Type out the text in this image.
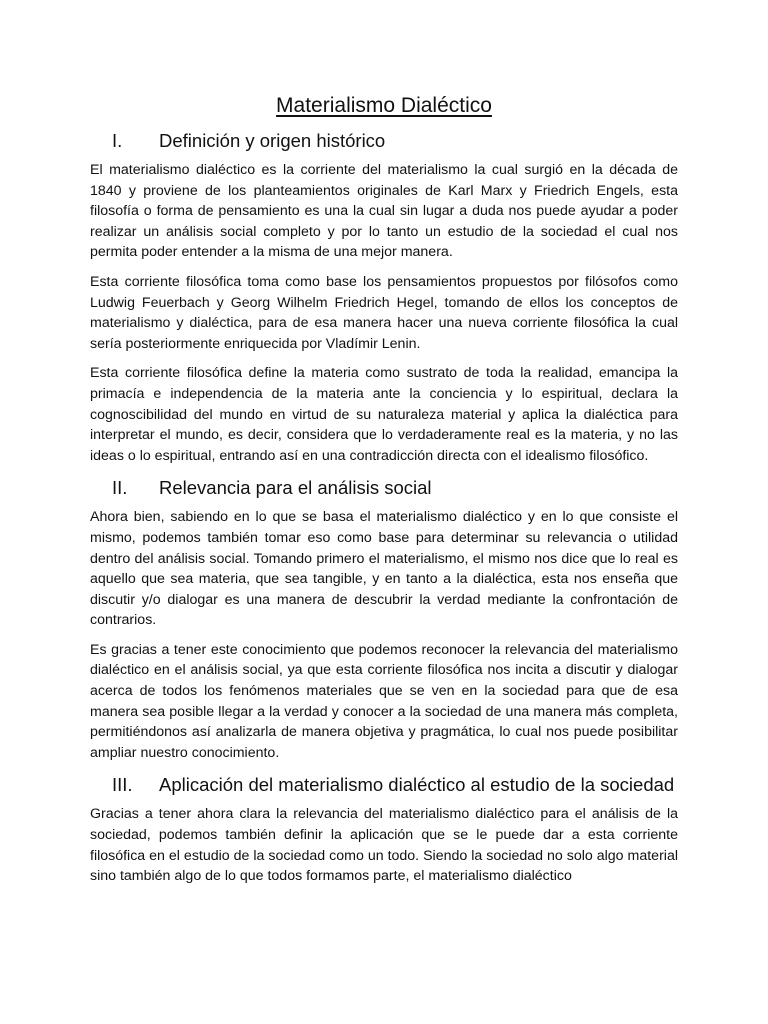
Materialismo Dialéctico
I.	Definición y origen histórico

El materialismo dialéctico es la corriente del materialismo la cual surgió en la década de 1840 y proviene de los planteamientos originales de Karl Marx y Friedrich Engels, esta filosofía o forma de pensamiento es una la cual sin lugar a duda nos puede ayudar a poder realizar un análisis social completo y por lo tanto un estudio de la sociedad el cual nos permita poder entender a la misma de una mejor manera.

Esta corriente filosófica toma como base los pensamientos propuestos por filósofos como Ludwig Feuerbach y Georg Wilhelm Friedrich Hegel, tomando de ellos los conceptos de materialismo y dialéctica, para de esa manera hacer una nueva corriente filosófica la cual sería posteriormente enriquecida por Vladímir Lenin.

Esta corriente filosófica define la materia como sustrato de toda la realidad, emancipa la primacía e independencia de la materia ante la conciencia y lo espiritual, declara la cognoscibilidad del mundo en virtud de su naturaleza material y aplica la dialéctica para interpretar el mundo, es decir, considera que lo verdaderamente real es la materia, y no las ideas o lo espiritual, entrando así en una contradicción directa con el idealismo filosófico.

II.	Relevancia para el análisis social

Ahora bien, sabiendo en lo que se basa el materialismo dialéctico y en lo que consiste el mismo, podemos también tomar eso como base para determinar su relevancia o utilidad dentro del análisis social. Tomando primero el materialismo, el mismo nos dice que lo real es aquello que sea materia, que sea tangible, y en tanto a la dialéctica, esta nos enseña que discutir y/o dialogar es una manera de descubrir la verdad mediante la confrontación de contrarios.

Es gracias a tener este conocimiento que podemos reconocer la relevancia del materialismo dialéctico en el análisis social, ya que esta corriente filosófica nos incita a discutir y dialogar acerca de todos los fenómenos materiales que se ven en la sociedad para que de esa manera sea posible llegar a la verdad y conocer a la sociedad de una manera más completa, permitiéndonos así analizarla de manera objetiva y pragmática, lo cual nos puede posibilitar ampliar nuestro conocimiento.

III.	Aplicación del materialismo dialéctico al estudio de la sociedad

Gracias a tener ahora clara la relevancia del materialismo dialéctico para el análisis de la sociedad, podemos también definir la aplicación que se le puede dar a esta corriente filosófica en el estudio de la sociedad como un todo. Siendo la sociedad no solo algo material sino también algo de lo que todos formamos parte, el materialismo dialéctico
